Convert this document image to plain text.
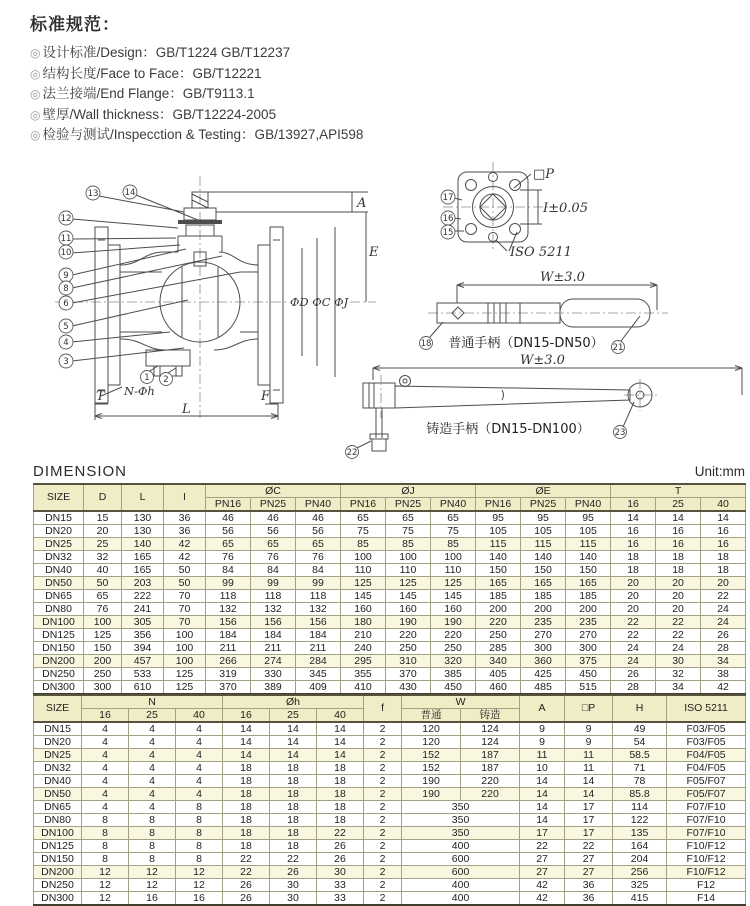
标准规范：
◎ 设计标准/Design：GB/T1224 GB/T12237
◎ 结构长度/Face to Face：GB/T12221
◎ 法兰接端/End Flange：GB/T9113.1
◎ 壁厚/Wall thickness：GB/T12224-2005
◎ 检验与测试/Inspecction & Testing：GB/13927,API598
A
E
ΦD ΦC ΦJ
L
T	F
N-Φh
13	14
12
11
10
9
8
6
5
4
3
1 2
□P
I±0.05
ISO 5211
17
16
15
W±3.0
普通手柄（DN15-DN50）
18	21
W±3.0
铸造手柄（DN15-DN100）
22
23
DIMENSION	Unit:mm
SIZE	D	L	I	ØC			ØJ			ØE			T		
				PN16	PN25	PN40	PN16	PN25	PN40	PN16	PN25	PN40	16	25	40
DN15	15	130	36	46	46	46	65	65	65	95	95	95	14	14	14
DN20	20	130	36	56	56	56	75	75	75	105	105	105	16	16	16
DN25	25	140	42	65	65	65	85	85	85	115	115	115	16	16	16
DN32	32	165	42	76	76	76	100	100	100	140	140	140	18	18	18
DN40	40	165	50	84	84	84	110	110	110	150	150	150	18	18	18
DN50	50	203	50	99	99	99	125	125	125	165	165	165	20	20	20
DN65	65	222	70	118	118	118	145	145	145	185	185	185	20	20	22
DN80	76	241	70	132	132	132	160	160	160	200	200	200	20	20	24
DN100	100	305	70	156	156	156	180	190	190	220	235	235	22	22	24
DN125	125	356	100	184	184	184	210	220	220	250	270	270	22	22	26
DN150	150	394	100	211	211	211	240	250	250	285	300	300	24	24	28
DN200	200	457	100	266	274	284	295	310	320	340	360	375	24	30	34
DN250	250	533	125	319	330	345	355	370	385	405	425	450	26	32	38
DN300	300	610	125	370	389	409	410	430	450	460	485	515	28	34	42
SIZE	N			Øh			f	W		A	□P	H	ISO 5211
	16	25	40	16	25	40		普通	铸造				
DN15	4	4	4	14	14	14	2	120	124	9	9	49	F03/F05
DN20	4	4	4	14	14	14	2	120	124	9	9	54	F03/F05
DN25	4	4	4	14	14	14	2	152	187	11	11	58.5	F04/F05
DN32	4	4	4	18	18	18	2	152	187	10	11	71	F04/F05
DN40	4	4	4	18	18	18	2	190	220	14	14	78	F05/F07
DN50	4	4	4	18	18	18	2	190	220	14	14	85.8	F05/F07
DN65	4	4	8	18	18	18	2	350		14	17	114	F07/F10
DN80	8	8	8	18	18	18	2	350		14	17	122	F07/F10
DN100	8	8	8	18	18	22	2	350		17	17	135	F07/F10
DN125	8	8	8	18	18	26	2	400		22	22	164	F10/F12
DN150	8	8	8	22	22	26	2	600		27	27	204	F10/F12
DN200	12	12	12	22	26	30	2	600		27	27	256	F10/F12
DN250	12	12	12	26	30	33	2	400		42	36	325	F12
DN300	12	16	16	26	30	33	2	400		42	36	415	F14
